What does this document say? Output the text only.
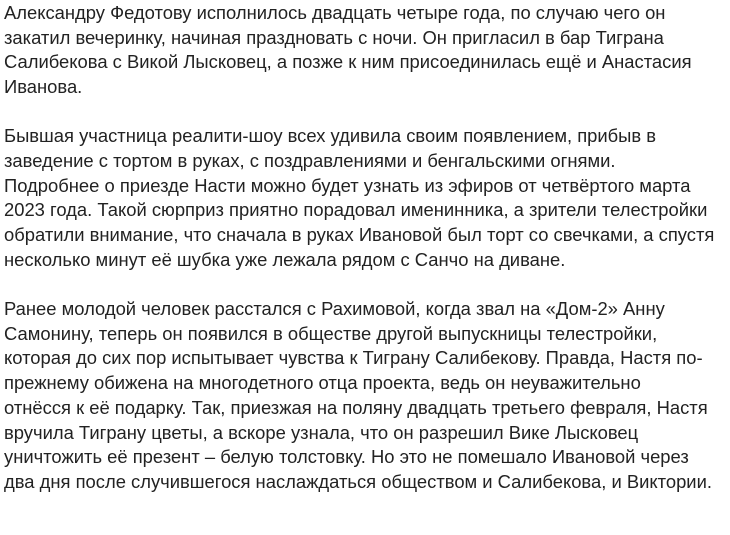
Александру Федотову исполнилось двадцать четыре года, по случаю чего он
закатил вечеринку, начиная праздновать с ночи. Он пригласил в бар Тиграна
Салибекова с Викой Лысковец, а позже к ним присоединилась ещё и Анастасия
Иванова.

Бывшая участница реалити-шоу всех удивила своим появлением, прибыв в
заведение с тортом в руках, с поздравлениями и бенгальскими огнями.
Подробнее о приезде Насти можно будет узнать из эфиров от четвёртого марта
2023 года. Такой сюрприз приятно порадовал именинника, а зрители телестройки
обратили внимание, что сначала в руках Ивановой был торт со свечками, а спустя
несколько минут её шубка уже лежала рядом с Санчо на диване.

Ранее молодой человек расстался с Рахимовой, когда звал на «Дом-2» Анну
Самонину, теперь он появился в обществе другой выпускницы телестройки,
которая до сих пор испытывает чувства к Тиграну Салибекову. Правда, Настя по-
прежнему обижена на многодетного отца проекта, ведь он неуважительно
отнёсся к её подарку. Так, приезжая на поляну двадцать третьего февраля, Настя
вручила Тиграну цветы, а вскоре узнала, что он разрешил Вике Лысковец
уничтожить её презент – белую толстовку. Но это не помешало Ивановой через
два дня после случившегося наслаждаться обществом и Салибекова, и Виктории.
